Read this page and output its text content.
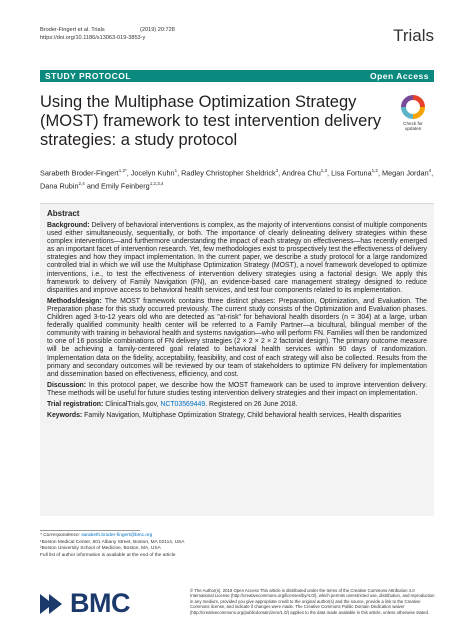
Broder-Fingert et al. Trials	(2019) 20:728
https://doi.org/10.1186/s13063-019-3853-y	Trials
STUDY PROTOCOL	Open Access
Using the Multiphase Optimization Strategy (MOST) framework to test intervention delivery strategies: a study protocol
Check for updates
Sarabeth Broder-Fingert$^{1,2*}$, Jocelyn Kuhn$^1$, Radley Christopher Sheldrick$^3$, Andrea Chu$^{1,3}$, Lisa Fortuna$^{1,2}$, Megan Jordan$^4$, Dana Rubin$^{2,4}$ and Emily Feinberg$^{1,2,3,4}$
Abstract
Background: Delivery of behavioral interventions is complex, as the majority of interventions consist of multiple components used either simultaneously, sequentially, or both. The importance of clearly delineating delivery strategies within these complex interventions—and furthermore understanding the impact of each strategy on effectiveness—has recently emerged as an important facet of intervention research. Yet, few methodologies exist to prospectively test the effectiveness of delivery strategies and how they impact implementation. In the current paper, we describe a study protocol for a large randomized controlled trial in which we will use the Multiphase Optimization Strategy (MOST), a novel framework developed to optimize interventions, i.e., to test the effectiveness of intervention delivery strategies using a factorial design. We apply this framework to delivery of Family Navigation (FN), an evidence-based care management strategy designed to reduce disparities and improve access to behavioral health services, and test four components related to its implementation.
Methods/design: The MOST framework contains three distinct phases: Preparation, Optimization, and Evaluation. The Preparation phase for this study occurred previously. The current study consists of the Optimization and Evaluation phases. Children aged 3-to-12 years old who are detected as "at-risk" for behavioral health disorders (n = 304) at a large, urban federally qualified community health center will be referred to a Family Partner—a bicultural, bilingual member of the community with training in behavioral health and systems navigation—who will perform FN. Families will then be randomized to one of 16 possible combinations of FN delivery strategies (2 × 2 × 2 × 2 factorial design). The primary outcome measure will be achieving a family-centered goal related to behavioral health services within 90 days of randomization. Implementation data on the fidelity, acceptability, feasibility, and cost of each strategy will also be collected. Results from the primary and secondary outcomes will be reviewed by our team of stakeholders to optimize FN delivery for implementation and dissemination based on effectiveness, efficiency, and cost.
Discussion: In this protocol paper, we describe how the MOST framework can be used to improve intervention delivery. These methods will be useful for future studies testing intervention delivery strategies and their impact on implementation.
Trial registration: ClinicalTrials.gov, NCT03569449. Registered on 26 June 2018.
Keywords: Family Navigation, Multiphase Optimization Strategy, Child behavioral health services, Health disparities
* Correspondence: sarabeth.broder-fingert@bmc.org
¹Boston Medical Center, 801 Albany Street, Boston, MA 02114, USA
²Boston University School of Medicine, Boston, MA, USA
Full list of author information is available at the end of the article
BMC	© The Author(s). 2019 Open Access This article is distributed under the terms of the Creative Commons Attribution 4.0 International License (http://creativecommons.org/licenses/by/4.0/), which permits unrestricted use, distribution, and reproduction in any medium, provided you give appropriate credit to the original author(s) and the source, provide a link to the Creative Commons license, and indicate if changes were made. The Creative Commons Public Domain Dedication waiver (http://creativecommons.org/publicdomain/zero/1.0/) applies to the data made available in this article, unless otherwise stated.
